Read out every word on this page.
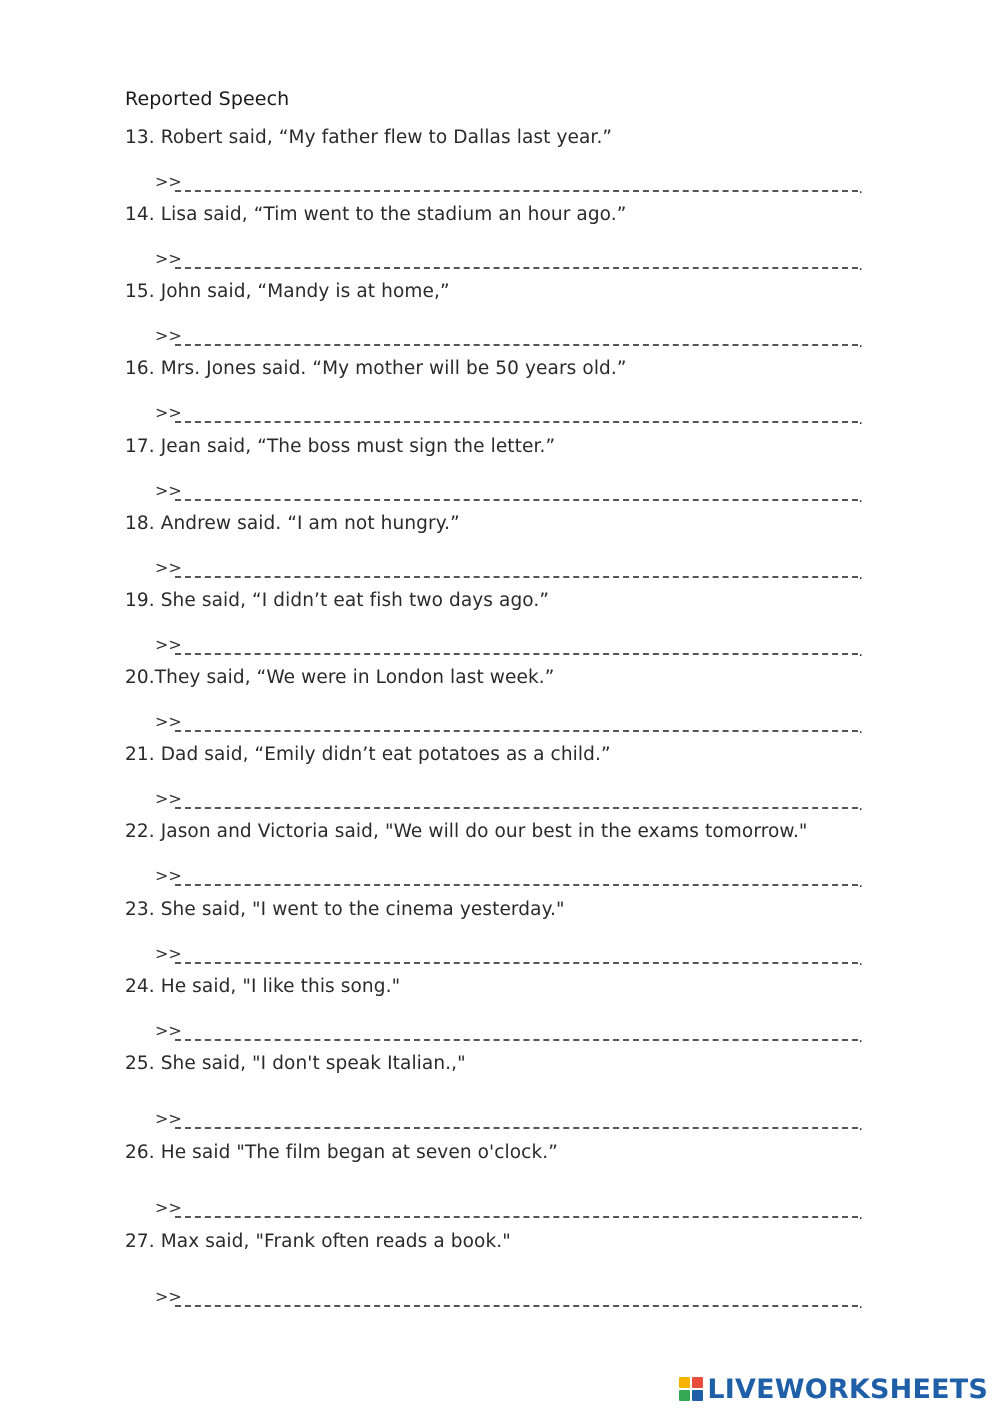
Reported Speech
13. Robert said, “My father flew to Dallas last year.”
>>	.
14. Lisa said, “Tim went to the stadium an hour ago.”
>>	.
15. John said, “Mandy is at home,”
>>	.
16. Mrs. Jones said. “My mother will be 50 years old.”
>>	.
17. Jean said, “The boss must sign the letter.”
>>	.
18. Andrew said. “I am not hungry.”
>>	.
19. She said, “I didn’t eat fish two days ago.”
>>	.
20.They said, “We were in London last week.”
>>	.
21. Dad said, “Emily didn’t eat potatoes as a child.”
>>	.
22. Jason and Victoria said, "We will do our best in the exams tomorrow."
>>	.
23. She said, "I went to the cinema yesterday."
>>	.
24. He said, "I like this song."
>>	.
25. She said, "I don't speak Italian.,"
>>	.
26. He said "The film began at seven o'clock.”
>>	.
27. Max said, "Frank often reads a book."
>>	.
LIVEWORKSHEETS
